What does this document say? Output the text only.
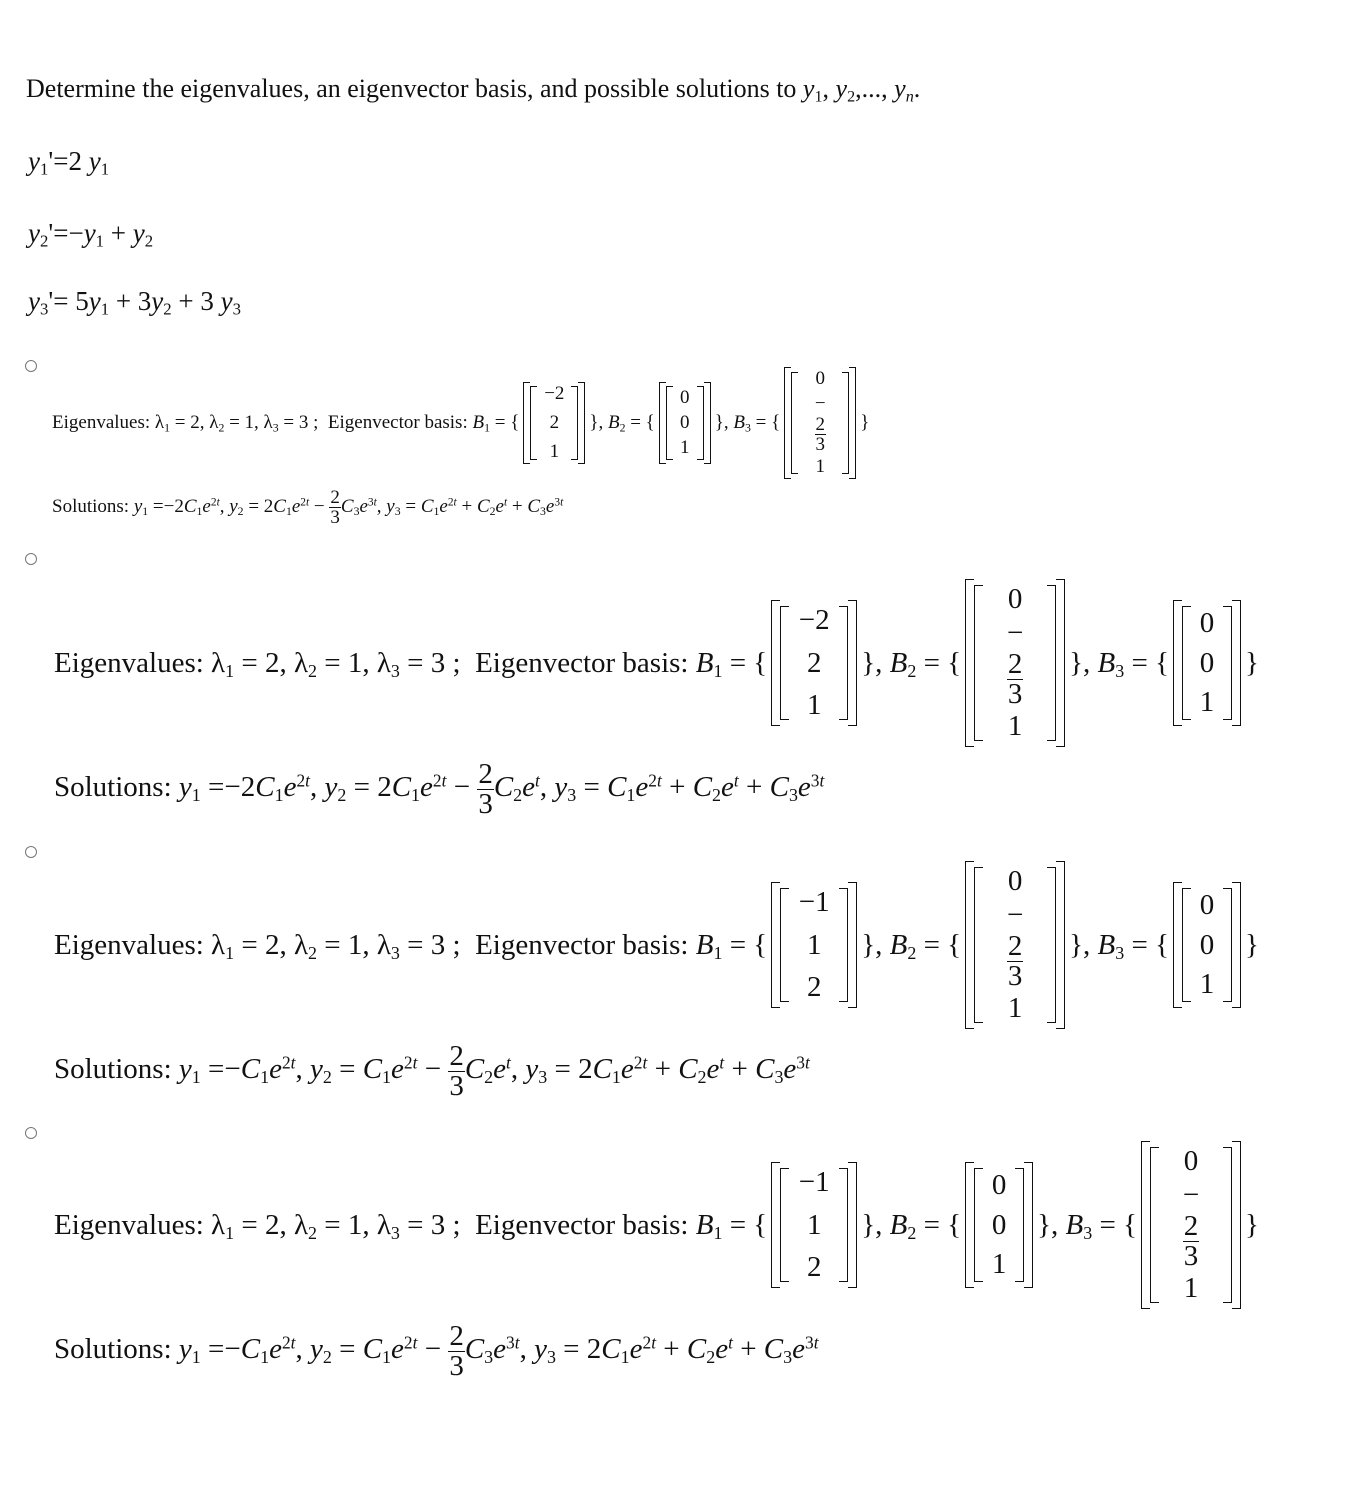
Determine the eigenvalues, an eigenvector basis, and possible solutions to $y_1$, $y_2$,..., $y_n$.
$y_1'=2$ $y_1$
$y_2'=-y_1 + y_2$
$y_3'= 5y_1 + 3y_2 + 3$ $y_3$
Eigenvalues: $\lambda_1 = 2$, $\lambda_2 = 1$, $\lambda_3 = 3$ ;  Eigenvector basis: $B_1$ = {
−2
2
1
}, $B_2$ = {
0
0
1
}, $B_3$ = {
0
−
2
3
1
}
Solutions: $y_1 =-2C_1e^{2t}$, $y_2 = 2C_1e^{2t} - \frac{2}{3} C_3e^{3t}$, $y_3 = C_1e^{2t} + C_2e^t + C_3e^{3t}$
Eigenvalues: $\lambda_1 = 2$, $\lambda_2 = 1$, $\lambda_3 = 3$ ;  Eigenvector basis: $B_1$ = {
−2
2
1
}, $B_2$ = {
0
−
2
3
1
}, $B_3$ = {
0
0
1
}
Solutions: $y_1 =-2C_1e^{2t}$, $y_2 = 2C_1e^{2t} - \frac{2}{3} C_2e^t$, $y_3 = C_1e^{2t} + C_2e^t + C_3e^{3t}$
Eigenvalues: $\lambda_1 = 2$, $\lambda_2 = 1$, $\lambda_3 = 3$ ;  Eigenvector basis: $B_1$ = {
−1
1
2
}, $B_2$ = {
0
−
2
3
1
}, $B_3$ = {
0
0
1
}
Solutions: $y_1 =-C_1e^{2t}$, $y_2 = C_1e^{2t} - \frac{2}{3} C_2e^t$, $y_3 = 2C_1e^{2t} + C_2e^t + C_3e^{3t}$
Eigenvalues: $\lambda_1 = 2$, $\lambda_2 = 1$, $\lambda_3 = 3$ ;  Eigenvector basis: $B_1$ = {
−1
1
2
}, $B_2$ = {
0
0
1
}, $B_3$ = {
0
−
2
3
1
}
Solutions: $y_1 =-C_1e^{2t}$, $y_2 = C_1e^{2t} - \frac{2}{3} C_3e^{3t}$, $y_3 = 2C_1e^{2t} + C_2e^t + C_3e^{3t}$
